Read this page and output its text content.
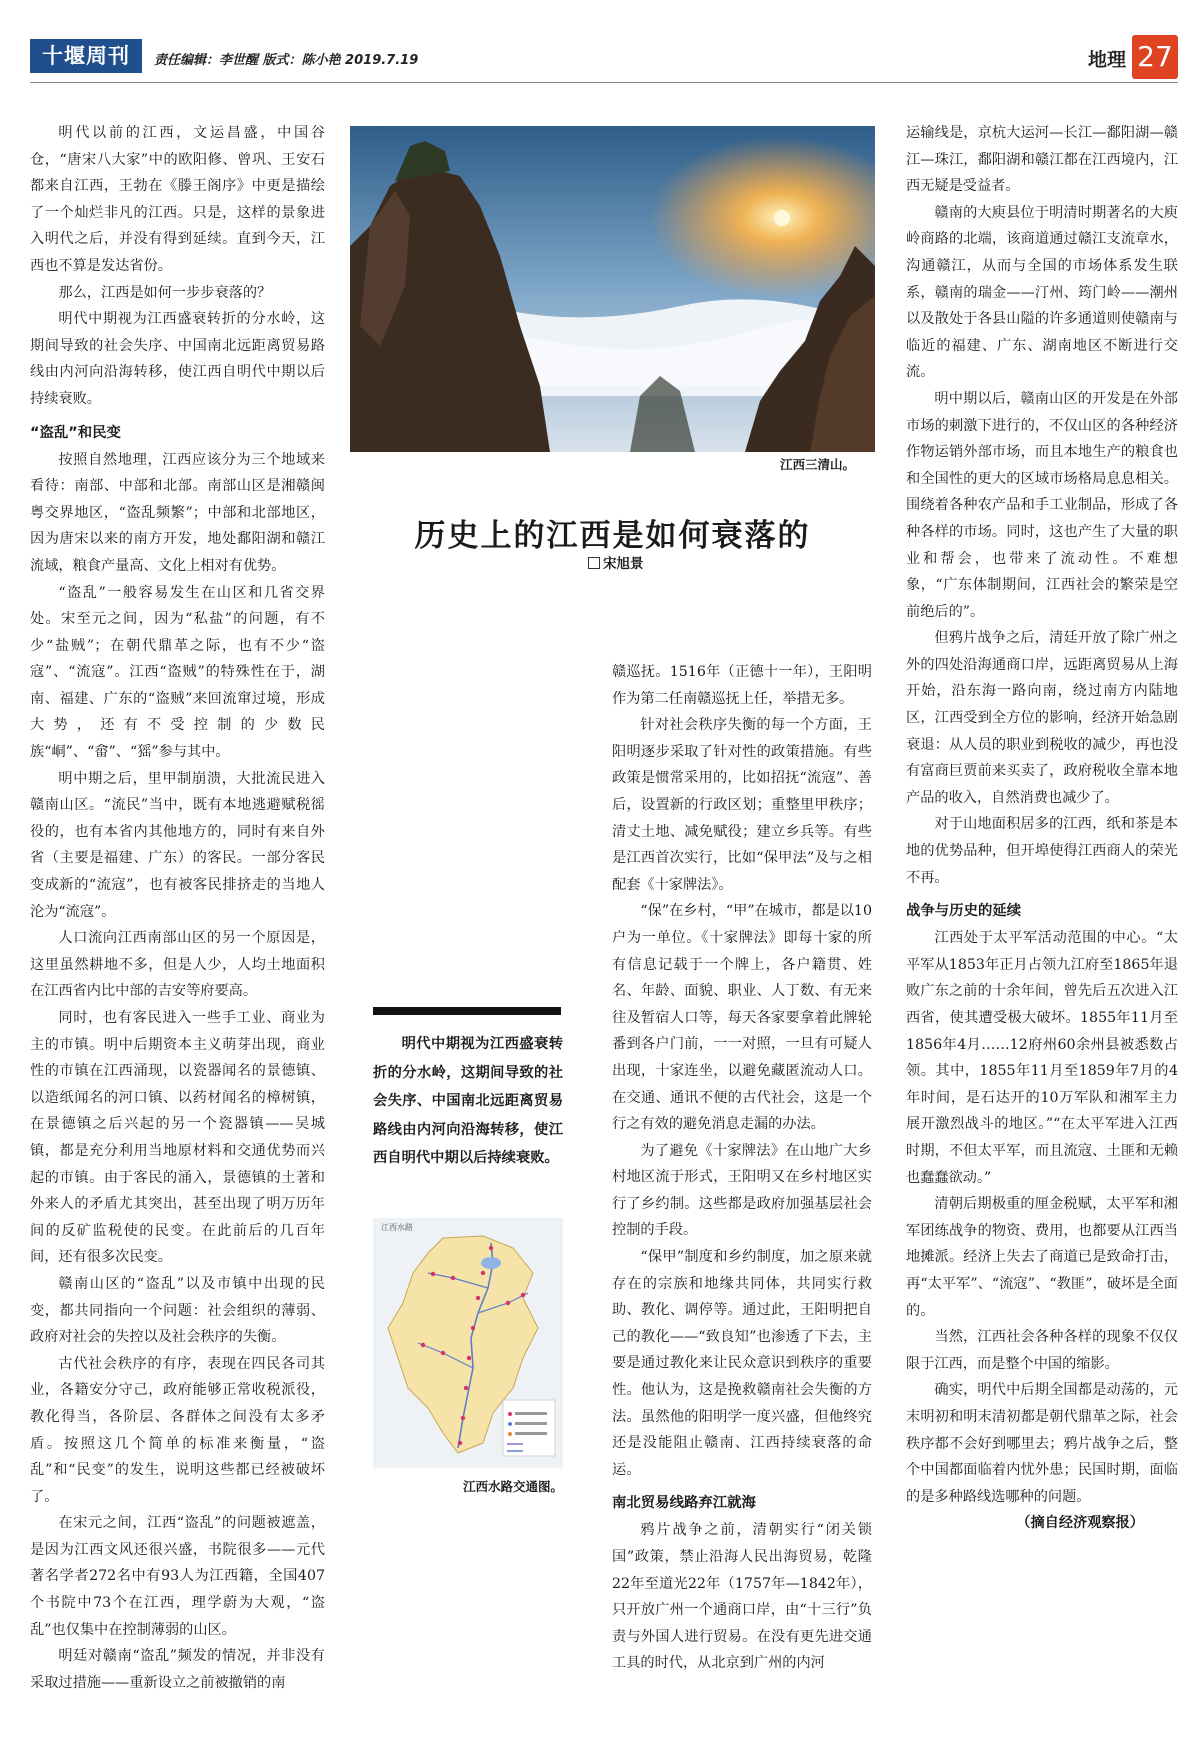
十堰周刊	责任编辑：李世醒 版式：陈小艳 2019.7.19	地理 27

明代以前的江西，文运昌盛，中国谷仓，“唐宋八大家”中的欧阳修、曾巩、王安石都来自江西，王勃在《滕王阁序》中更是描绘了一个灿烂非凡的江西。只是，这样的景象进入明代之后，并没有得到延续。直到今天，江西也不算是发达省份。

那么，江西是如何一步步衰落的？

明代中期视为江西盛衰转折的分水岭，这期间导致的社会失序、中国南北远距离贸易路线由内河向沿海转移，使江西自明代中期以后持续衰败。

“盗乱”和民变

按照自然地理，江西应该分为三个地域来看待：南部、中部和北部。南部山区是湘赣闽粤交界地区，“盗乱频繁”；中部和北部地区，因为唐宋以来的南方开发，地处鄱阳湖和赣江流域，粮食产量高、文化上相对有优势。

“盗乱”一般容易发生在山区和几省交界处。宋至元之间，因为“私盐”的问题，有不少“盐贼”；在朝代鼎革之际，也有不少“盗寇”、“流寇”。江西“盗贼”的特殊性在于，湖南、福建、广东的“盗贼”来回流窜过境，形成大势，还有不受控制的少数民族“峒”、“畲”、“猺”参与其中。

明中期之后，里甲制崩溃，大批流民进入赣南山区。“流民”当中，既有本地逃避赋税徭役的，也有本省内其他地方的，同时有来自外省（主要是福建、广东）的客民。一部分客民变成新的“流寇”，也有被客民排挤走的当地人沦为“流寇”。

人口流向江西南部山区的另一个原因是，这里虽然耕地不多，但是人少，人均土地面积在江西省内比中部的吉安等府要高。

同时，也有客民进入一些手工业、商业为主的市镇。明中后期资本主义萌芽出现，商业性的市镇在江西涌现，以瓷器闻名的景德镇、以造纸闻名的河口镇、以药材闻名的樟树镇，在景德镇之后兴起的另一个瓷器镇——吴城镇，都是充分利用当地原材料和交通优势而兴起的市镇。由于客民的涌入，景德镇的土著和外来人的矛盾尤其突出，甚至出现了明万历年间的反矿监税使的民变。在此前后的几百年间，还有很多次民变。

赣南山区的“盗乱”以及市镇中出现的民变，都共同指向一个问题：社会组织的薄弱、政府对社会的失控以及社会秩序的失衡。

古代社会秩序的有序，表现在四民各司其业，各籍安分守己，政府能够正常收税派役，教化得当，各阶层、各群体之间没有太多矛盾。按照这几个简单的标准来衡量，“盗乱”和“民变”的发生，说明这些都已经被破坏了。

在宋元之间，江西“盗乱”的问题被遮盖，是因为江西文风还很兴盛，书院很多——元代著名学者272名中有93人为江西籍，全国407个书院中73个在江西，理学蔚为大观，“盗乱”也仅集中在控制薄弱的山区。

明廷对赣南“盗乱”频发的情况，并非没有采取过措施——重新设立之前被撤销的南

江西三清山。
历史上的江西是如何衰落的
宋旭景
明代中期视为江西盛衰转折的分水岭，这期间导致的社会失序、中国南北远距离贸易路线由内河向沿海转移，使江西自明代中期以后持续衰败。
江西水路
江西水路交通图。

赣巡抚。1516年（正德十一年），王阳明作为第二任南赣巡抚上任，举措无多。

针对社会秩序失衡的每一个方面，王阳明逐步采取了针对性的政策措施。有些政策是惯常采用的，比如招抚“流寇”、善后，设置新的行政区划；重整里甲秩序；清丈土地、减免赋役；建立乡兵等。有些是江西首次实行，比如“保甲法”及与之相配套《十家牌法》。

“保”在乡村，“甲”在城市，都是以10户为一单位。《十家牌法》即每十家的所有信息记载于一个牌上，各户籍贯、姓名、年龄、面貌、职业、人丁数、有无来往及暂宿人口等，每天各家要拿着此牌轮番到各户门前，一一对照，一旦有可疑人出现，十家连坐，以避免藏匿流动人口。在交通、通讯不便的古代社会，这是一个行之有效的避免消息走漏的办法。

为了避免《十家牌法》在山地广大乡村地区流于形式，王阳明又在乡村地区实行了乡约制。这些都是政府加强基层社会控制的手段。

“保甲”制度和乡约制度，加之原来就存在的宗族和地缘共同体，共同实行救助、教化、调停等。通过此，王阳明把自己的教化——“致良知”也渗透了下去，主要是通过教化来让民众意识到秩序的重要性。他认为，这是挽救赣南社会失衡的方法。虽然他的阳明学一度兴盛，但他终究还是没能阻止赣南、江西持续衰落的命运。

南北贸易线路弃江就海

鸦片战争之前，清朝实行“闭关锁国”政策，禁止沿海人民出海贸易，乾隆22年至道光22年（1757年—1842年），只开放广州一个通商口岸，由“十三行”负责与外国人进行贸易。在没有更先进交通工具的时代，从北京到广州的内河

运输线是，京杭大运河—长江—鄱阳湖—赣江—珠江，鄱阳湖和赣江都在江西境内，江西无疑是受益者。

赣南的大庾县位于明清时期著名的大庾岭商路的北端，该商道通过赣江支流章水，沟通赣江，从而与全国的市场体系发生联系，赣南的瑞金——汀州、筠门岭——潮州以及散处于各县山隘的许多通道则使赣南与临近的福建、广东、湖南地区不断进行交流。

明中期以后，赣南山区的开发是在外部市场的刺激下进行的，不仅山区的各种经济作物运销外部市场，而且本地生产的粮食也和全国性的更大的区域市场格局息息相关。围绕着各种农产品和手工业制品，形成了各种各样的市场。同时，这也产生了大量的职业和帮会，也带来了流动性。不难想象，“广东体制期间，江西社会的繁荣是空前绝后的”。

但鸦片战争之后，清廷开放了除广州之外的四处沿海通商口岸，远距离贸易从上海开始，沿东海一路向南，绕过南方内陆地区，江西受到全方位的影响，经济开始急剧衰退：从人员的职业到税收的减少，再也没有富商巨贾前来买卖了，政府税收全靠本地产品的收入，自然消费也减少了。

对于山地面积居多的江西，纸和茶是本地的优势品种，但开埠使得江西商人的荣光不再。

战争与历史的延续

江西处于太平军活动范围的中心。“太平军从1853年正月占领九江府至1865年退败广东之前的十余年间，曾先后五次进入江西省，使其遭受极大破坏。1855年11月至1856年4月……12府州60余州县被悉数占领。其中，1855年11月至1859年7月的4年时间，是石达开的10万军队和湘军主力展开激烈战斗的地区。”“在太平军进入江西时期，不但太平军，而且流寇、土匪和无赖也蠢蠢欲动。”

清朝后期极重的厘金税赋，太平军和湘军团练战争的物资、费用，也都要从江西当地摊派。经济上失去了商道已是致命打击，再“太平军”、“流寇”、“教匪”，破坏是全面的。

当然，江西社会各种各样的现象不仅仅限于江西，而是整个中国的缩影。

确实，明代中后期全国都是动荡的，元末明初和明末清初都是朝代鼎革之际，社会秩序都不会好到哪里去；鸦片战争之后，整个中国都面临着内忧外患；民国时期，面临的是多种路线选哪种的问题。

（摘自经济观察报）
